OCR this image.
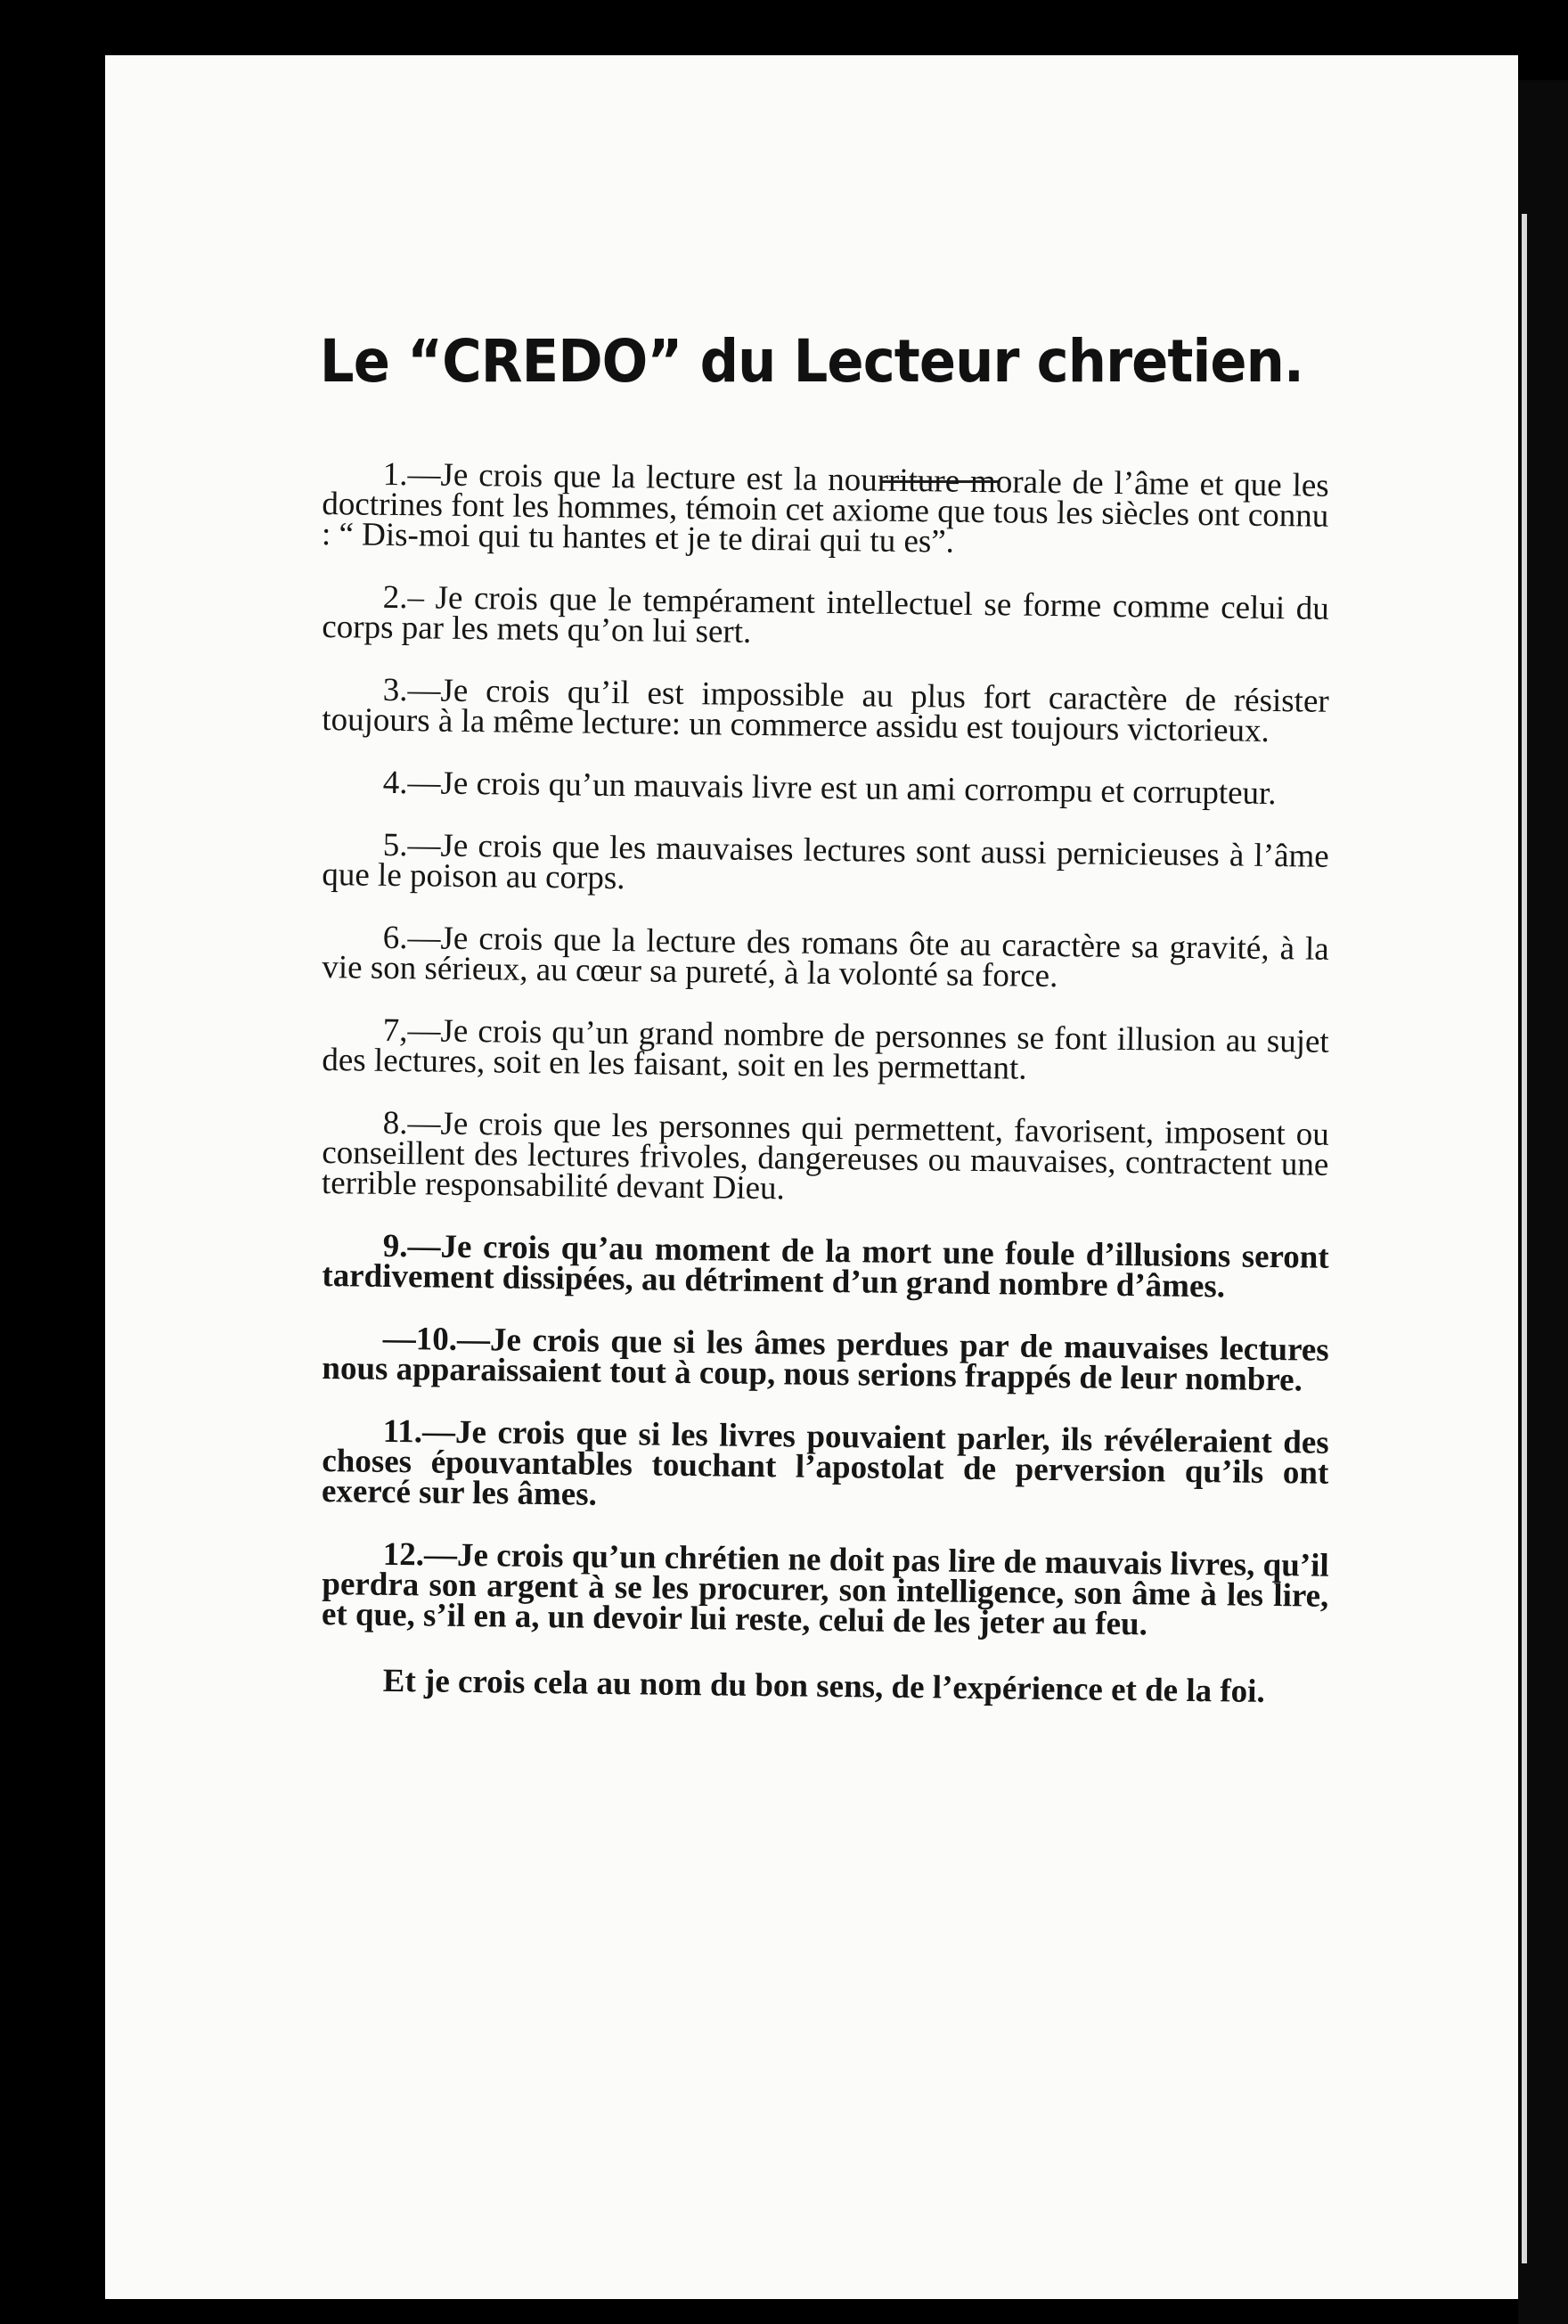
Le “CREDO” du Lecteur chretien.

1.—Je crois que la lecture est la nourriture morale de l’âme et que les doctrines font les hommes, témoin cet axiome que tous les siècles ont connu : “ Dis-moi qui tu hantes et je te dirai qui tu es”.

2.– Je crois que le tempérament intellectuel se forme comme celui du corps par les mets qu’on lui sert.

3.—Je crois qu’il est impossible au plus fort caractère de résister toujours à la même lecture: un commerce assidu est toujours victorieux.

4.—Je crois qu’un mauvais livre est un ami corrompu et corrupteur.

5.—Je crois que les mauvaises lectures sont aussi pernicieuses à l’âme que le poison au corps.

6.—Je crois que la lecture des romans ôte au caractère sa gravité, à la vie son sérieux, au cœur sa pureté, à la volonté sa force.

7,—Je crois qu’un grand nombre de personnes se font illusion au sujet des lectures, soit en les faisant, soit en les permettant.

8.—Je crois que les personnes qui permettent, favorisent, imposent ou conseillent des lectures frivoles, dangereuses ou mauvaises, contractent une terrible responsabilité devant Dieu.

9.—Je crois qu’au moment de la mort une foule d’illusions seront tardivement dissipées, au détriment d’un grand nombre d’âmes.

—10.—Je crois que si les âmes perdues par de mauvaises lectures nous apparaissaient tout à coup, nous serions frappés de leur nombre.

11.—Je crois que si les livres pouvaient parler, ils révéleraient des choses épouvantables touchant l’apostolat de perversion qu’ils ont exercé sur les âmes.

12.—Je crois qu’un chrétien ne doit pas lire de mauvais livres, qu’il perdra son argent à se les procurer, son intelligence, son âme à les lire, et que, s’il en a, un devoir lui reste, celui de les jeter au feu.

Et je crois cela au nom du bon sens, de l’expérience et de la foi.
